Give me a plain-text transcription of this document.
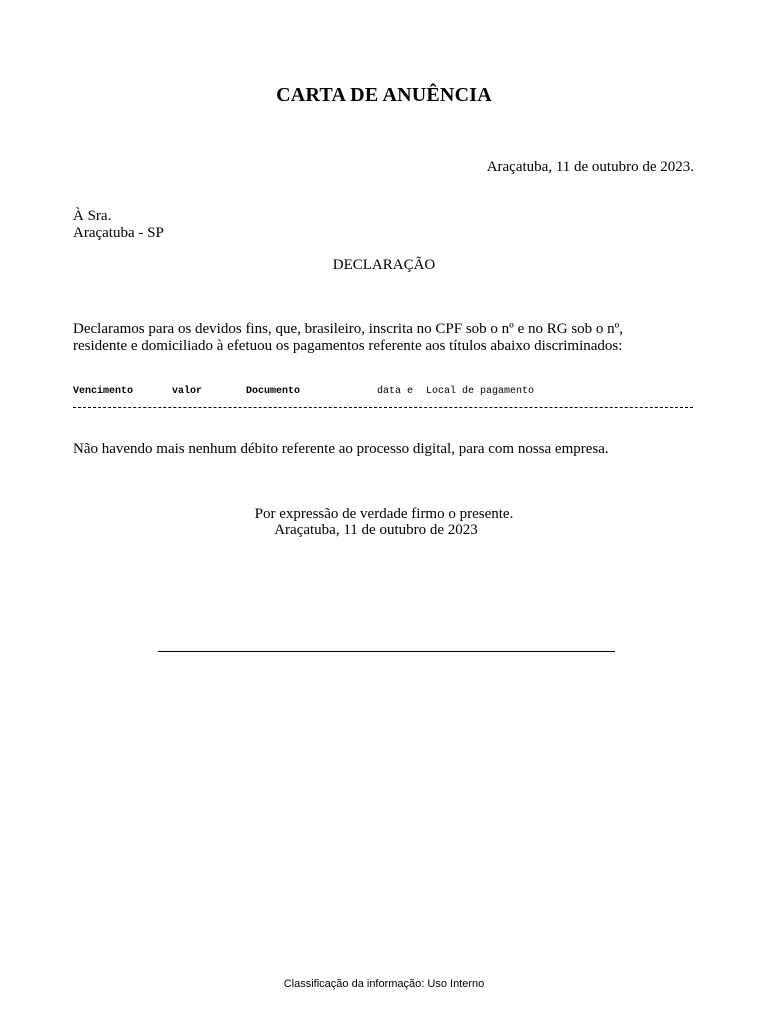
CARTA DE ANUÊNCIA
Araçatuba, 11 de outubro de 2023.
À Sra.
Araçatuba - SP
DECLARAÇÃO
Declaramos para os devidos fins, que, brasileiro, inscrita no CPF sob o nº e no RG sob o nº,
residente e domiciliado à efetuou os pagamentos referente aos títulos abaixo discriminados:
Vencimento	valor	Documento	data e Local de pagamento
Não havendo mais nenhum débito referente ao processo digital, para com nossa empresa.
Por expressão de verdade firmo o presente.
Araçatuba, 11 de outubro de 2023
Classificação da informação: Uso Interno
